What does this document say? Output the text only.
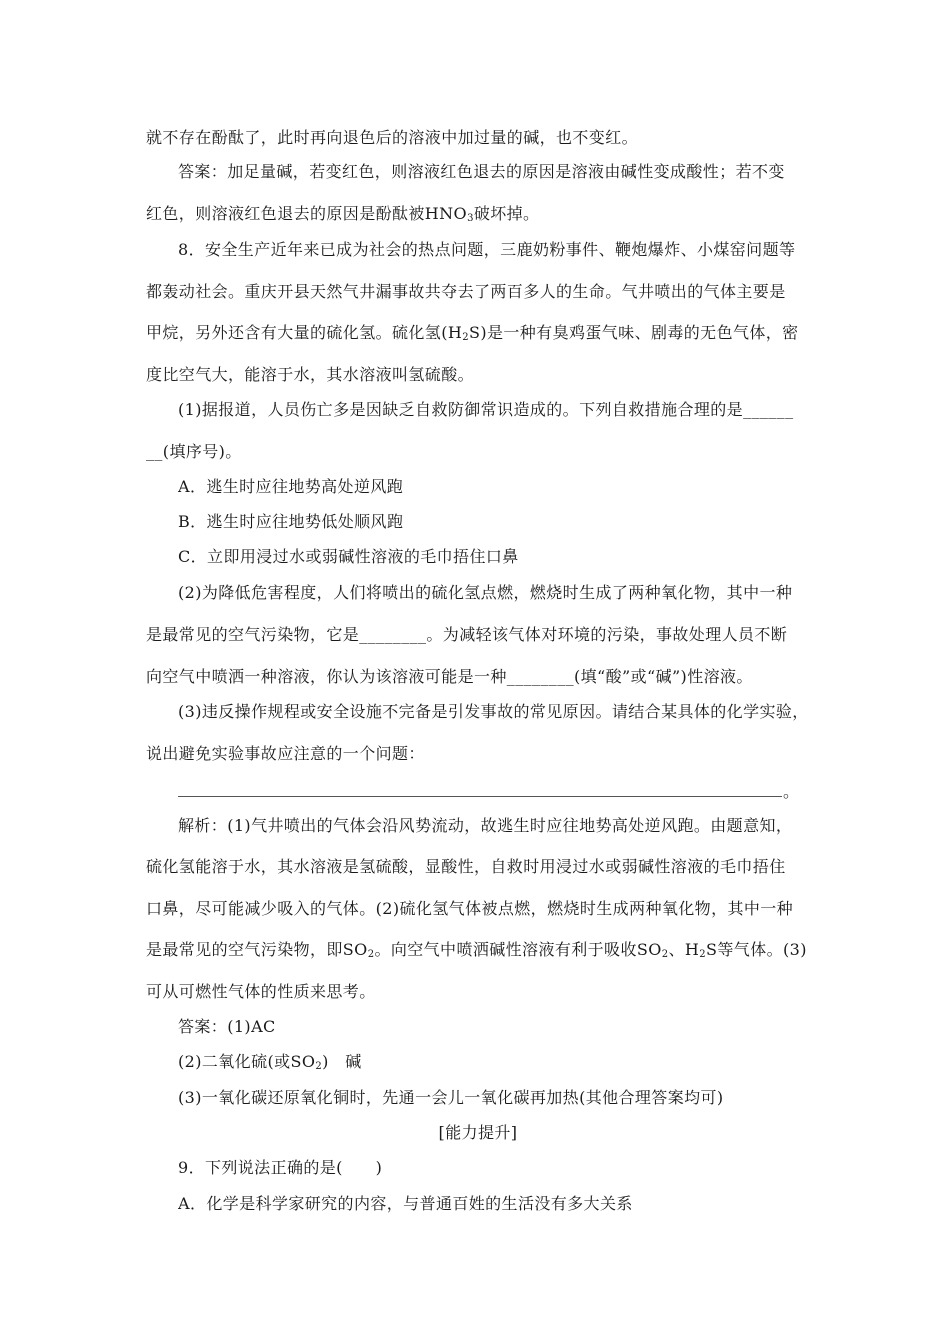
就不存在酚酞了，此时再向退色后的溶液中加过量的碱，也不变红。
答案：加足量碱，若变红色，则溶液红色退去的原因是溶液由碱性变成酸性；若不变
红色，则溶液红色退去的原因是酚酞被$HNO_3$破坏掉。
8．安全生产近年来已成为社会的热点问题，三鹿奶粉事件、鞭炮爆炸、小煤窑问题等
都轰动社会。重庆开县天然气井漏事故共夺去了两百多人的生命。气井喷出的气体主要是
甲烷，另外还含有大量的硫化氢。硫化氢$(H_2S)$是一种有臭鸡蛋气味、剧毒的无色气体，密
度比空气大，能溶于水，其水溶液叫氢硫酸。
(1)据报道，人员伤亡多是因缺乏自救防御常识造成的。下列自救措施合理的是______
__(填序号)。
A．逃生时应往地势高处逆风跑
B．逃生时应往地势低处顺风跑
C．立即用浸过水或弱碱性溶液的毛巾捂住口鼻
(2)为降低危害程度，人们将喷出的硫化氢点燃，燃烧时生成了两种氧化物，其中一种
是最常见的空气污染物，它是________。为减轻该气体对环境的污染，事故处理人员不断
向空气中喷洒一种溶液，你认为该溶液可能是一种________(填“酸”或“碱”)性溶液。
(3)违反操作规程或安全设施不完备是引发事故的常见原因。请结合某具体的化学实验，
说出避免实验事故应注意的一个问题：
。
解析：(1)气井喷出的气体会沿风势流动，故逃生时应往地势高处逆风跑。由题意知，
硫化氢能溶于水，其水溶液是氢硫酸，显酸性，自救时用浸过水或弱碱性溶液的毛巾捂住
口鼻，尽可能减少吸入的气体。(2)硫化氢气体被点燃，燃烧时生成两种氧化物，其中一种
是最常见的空气污染物，即$SO_2$。向空气中喷洒碱性溶液有利于吸收$SO_2$、$H_2S$等气体。(3)
可从可燃性气体的性质来思考。
答案：(1)AC
(2)二氧化硫(或$SO_2$)　碱
(3)一氧化碳还原氧化铜时，先通一会儿一氧化碳再加热(其他合理答案均可)
[能力提升]
9．下列说法正确的是(　　)
A．化学是科学家研究的内容，与普通百姓的生活没有多大关系
